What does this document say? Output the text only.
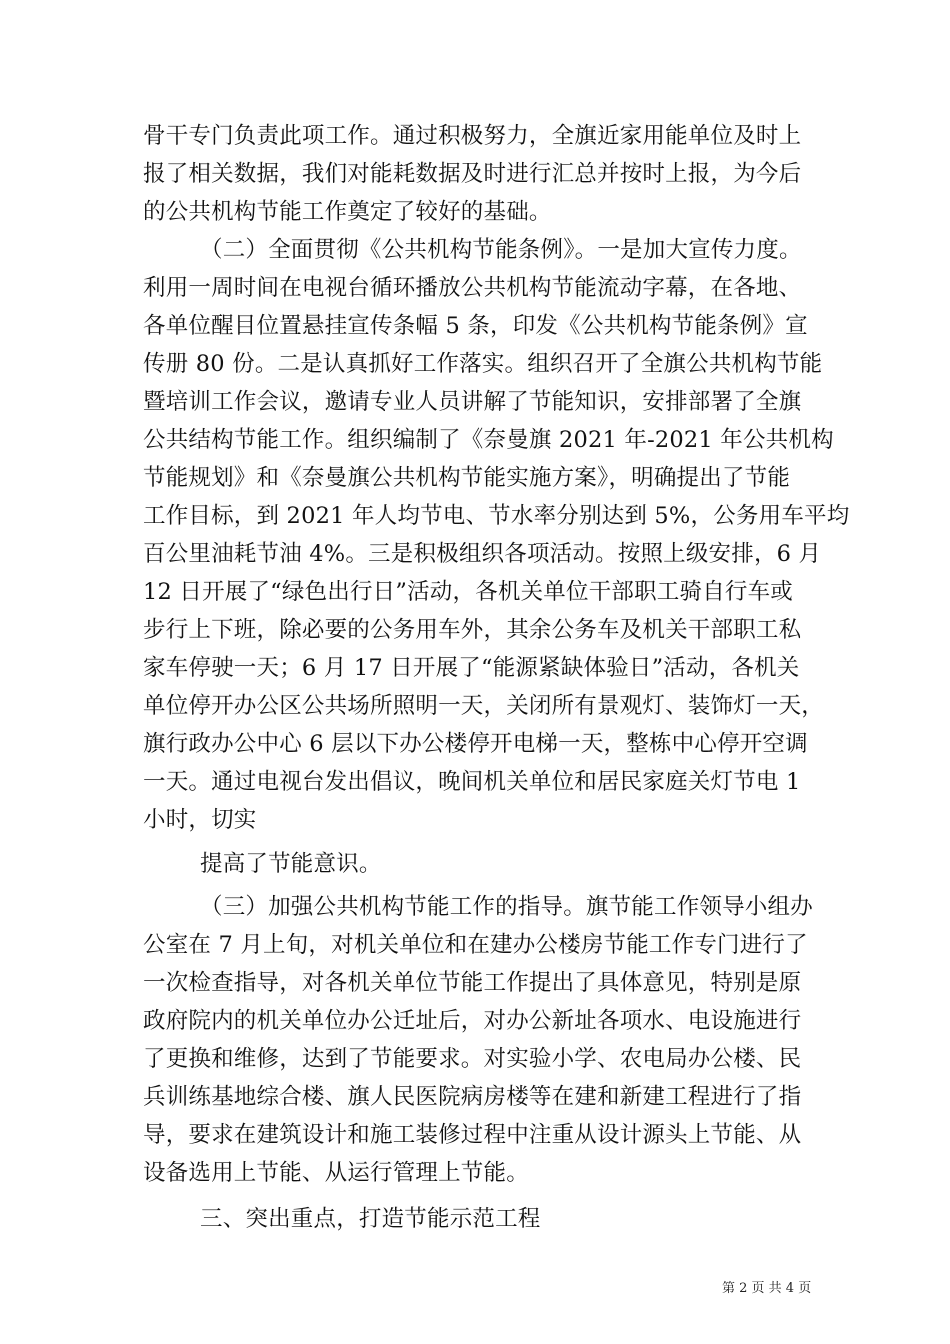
骨干专门负责此项工作。通过积极努力，全旗近家用能单位及时上
报了相关数据，我们对能耗数据及时进行汇总并按时上报，为今后
的公共机构节能工作奠定了较好的基础。
（二）全面贯彻《公共机构节能条例》。一是加大宣传力度。
利用一周时间在电视台循环播放公共机构节能流动字幕，在各地、
各单位醒目位置悬挂宣传条幅 5 条，印发《公共机构节能条例》宣
传册 80 份。二是认真抓好工作落实。组织召开了全旗公共机构节能
暨培训工作会议，邀请专业人员讲解了节能知识，安排部署了全旗
公共结构节能工作。组织编制了《奈曼旗 2021 年-2021 年公共机构
节能规划》和《奈曼旗公共机构节能实施方案》，明确提出了节能
工作目标，到 2021 年人均节电、节水率分别达到 5%，公务用车平均
百公里油耗节油 4%。三是积极组织各项活动。按照上级安排，6 月
12 日开展了“绿色出行日”活动，各机关单位干部职工骑自行车或
步行上下班，除必要的公务用车外，其余公务车及机关干部职工私
家车停驶一天；6 月 17 日开展了“能源紧缺体验日”活动，各机关
单位停开办公区公共场所照明一天，关闭所有景观灯、装饰灯一天，
旗行政办公中心 6 层以下办公楼停开电梯一天，整栋中心停开空调
一天。通过电视台发出倡议，晚间机关单位和居民家庭关灯节电 1
小时，切实
提高了节能意识。
（三）加强公共机构节能工作的指导。旗节能工作领导小组办
公室在 7 月上旬，对机关单位和在建办公楼房节能工作专门进行了
一次检查指导，对各机关单位节能工作提出了具体意见，特别是原
政府院内的机关单位办公迁址后，对办公新址各项水、电设施进行
了更换和维修，达到了节能要求。对实验小学、农电局办公楼、民
兵训练基地综合楼、旗人民医院病房楼等在建和新建工程进行了指
导，要求在建筑设计和施工装修过程中注重从设计源头上节能、从
设备选用上节能、从运行管理上节能。
三、突出重点，打造节能示范工程
第 2 页 共 4 页
